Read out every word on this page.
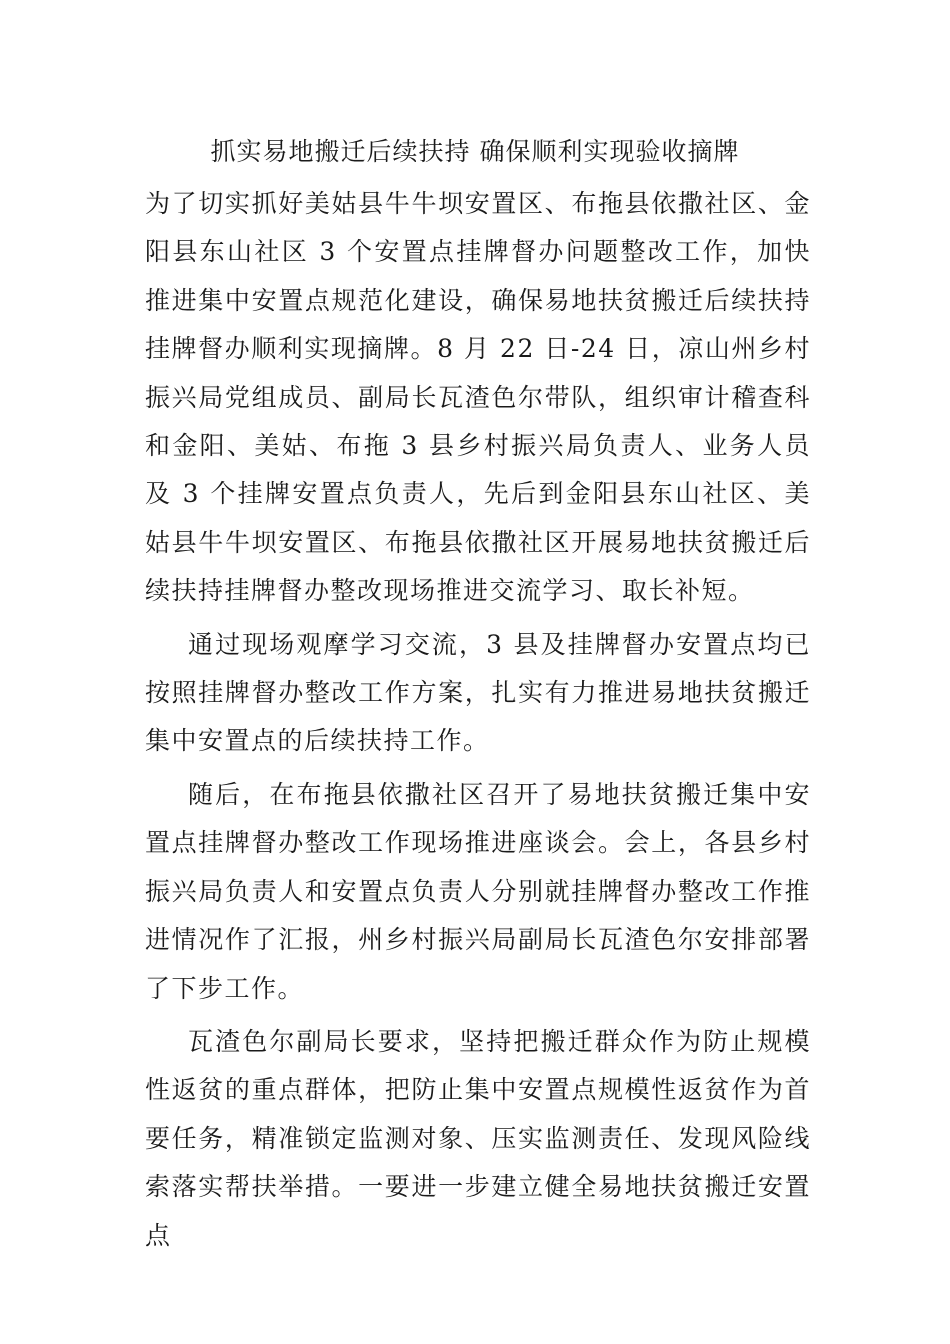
抓实易地搬迁后续扶持 确保顺利实现验收摘牌

为了切实抓好美姑县牛牛坝安置区、布拖县依撒社区、金阳县东山社区 3 个安置点挂牌督办问题整改工作，加快推进集中安置点规范化建设，确保易地扶贫搬迁后续扶持挂牌督办顺利实现摘牌。8 月 22 日-24 日，凉山州乡村振兴局党组成员、副局长瓦渣色尔带队，组织审计稽查科和金阳、美姑、布拖 3 县乡村振兴局负责人、业务人员及 3 个挂牌安置点负责人，先后到金阳县东山社区、美姑县牛牛坝安置区、布拖县依撒社区开展易地扶贫搬迁后续扶持挂牌督办整改现场推进交流学习、取长补短。

通过现场观摩学习交流，3 县及挂牌督办安置点均已按照挂牌督办整改工作方案，扎实有力推进易地扶贫搬迁集中安置点的后续扶持工作。

随后，在布拖县依撒社区召开了易地扶贫搬迁集中安置点挂牌督办整改工作现场推进座谈会。会上，各县乡村振兴局负责人和安置点负责人分别就挂牌督办整改工作推进情况作了汇报，州乡村振兴局副局长瓦渣色尔安排部署了下步工作。

瓦渣色尔副局长要求，坚持把搬迁群众作为防止规模性返贫的重点群体，把防止集中安置点规模性返贫作为首要任务，精准锁定监测对象、压实监测责任、发现风险线索落实帮扶举措。一要进一步建立健全易地扶贫搬迁安置点
